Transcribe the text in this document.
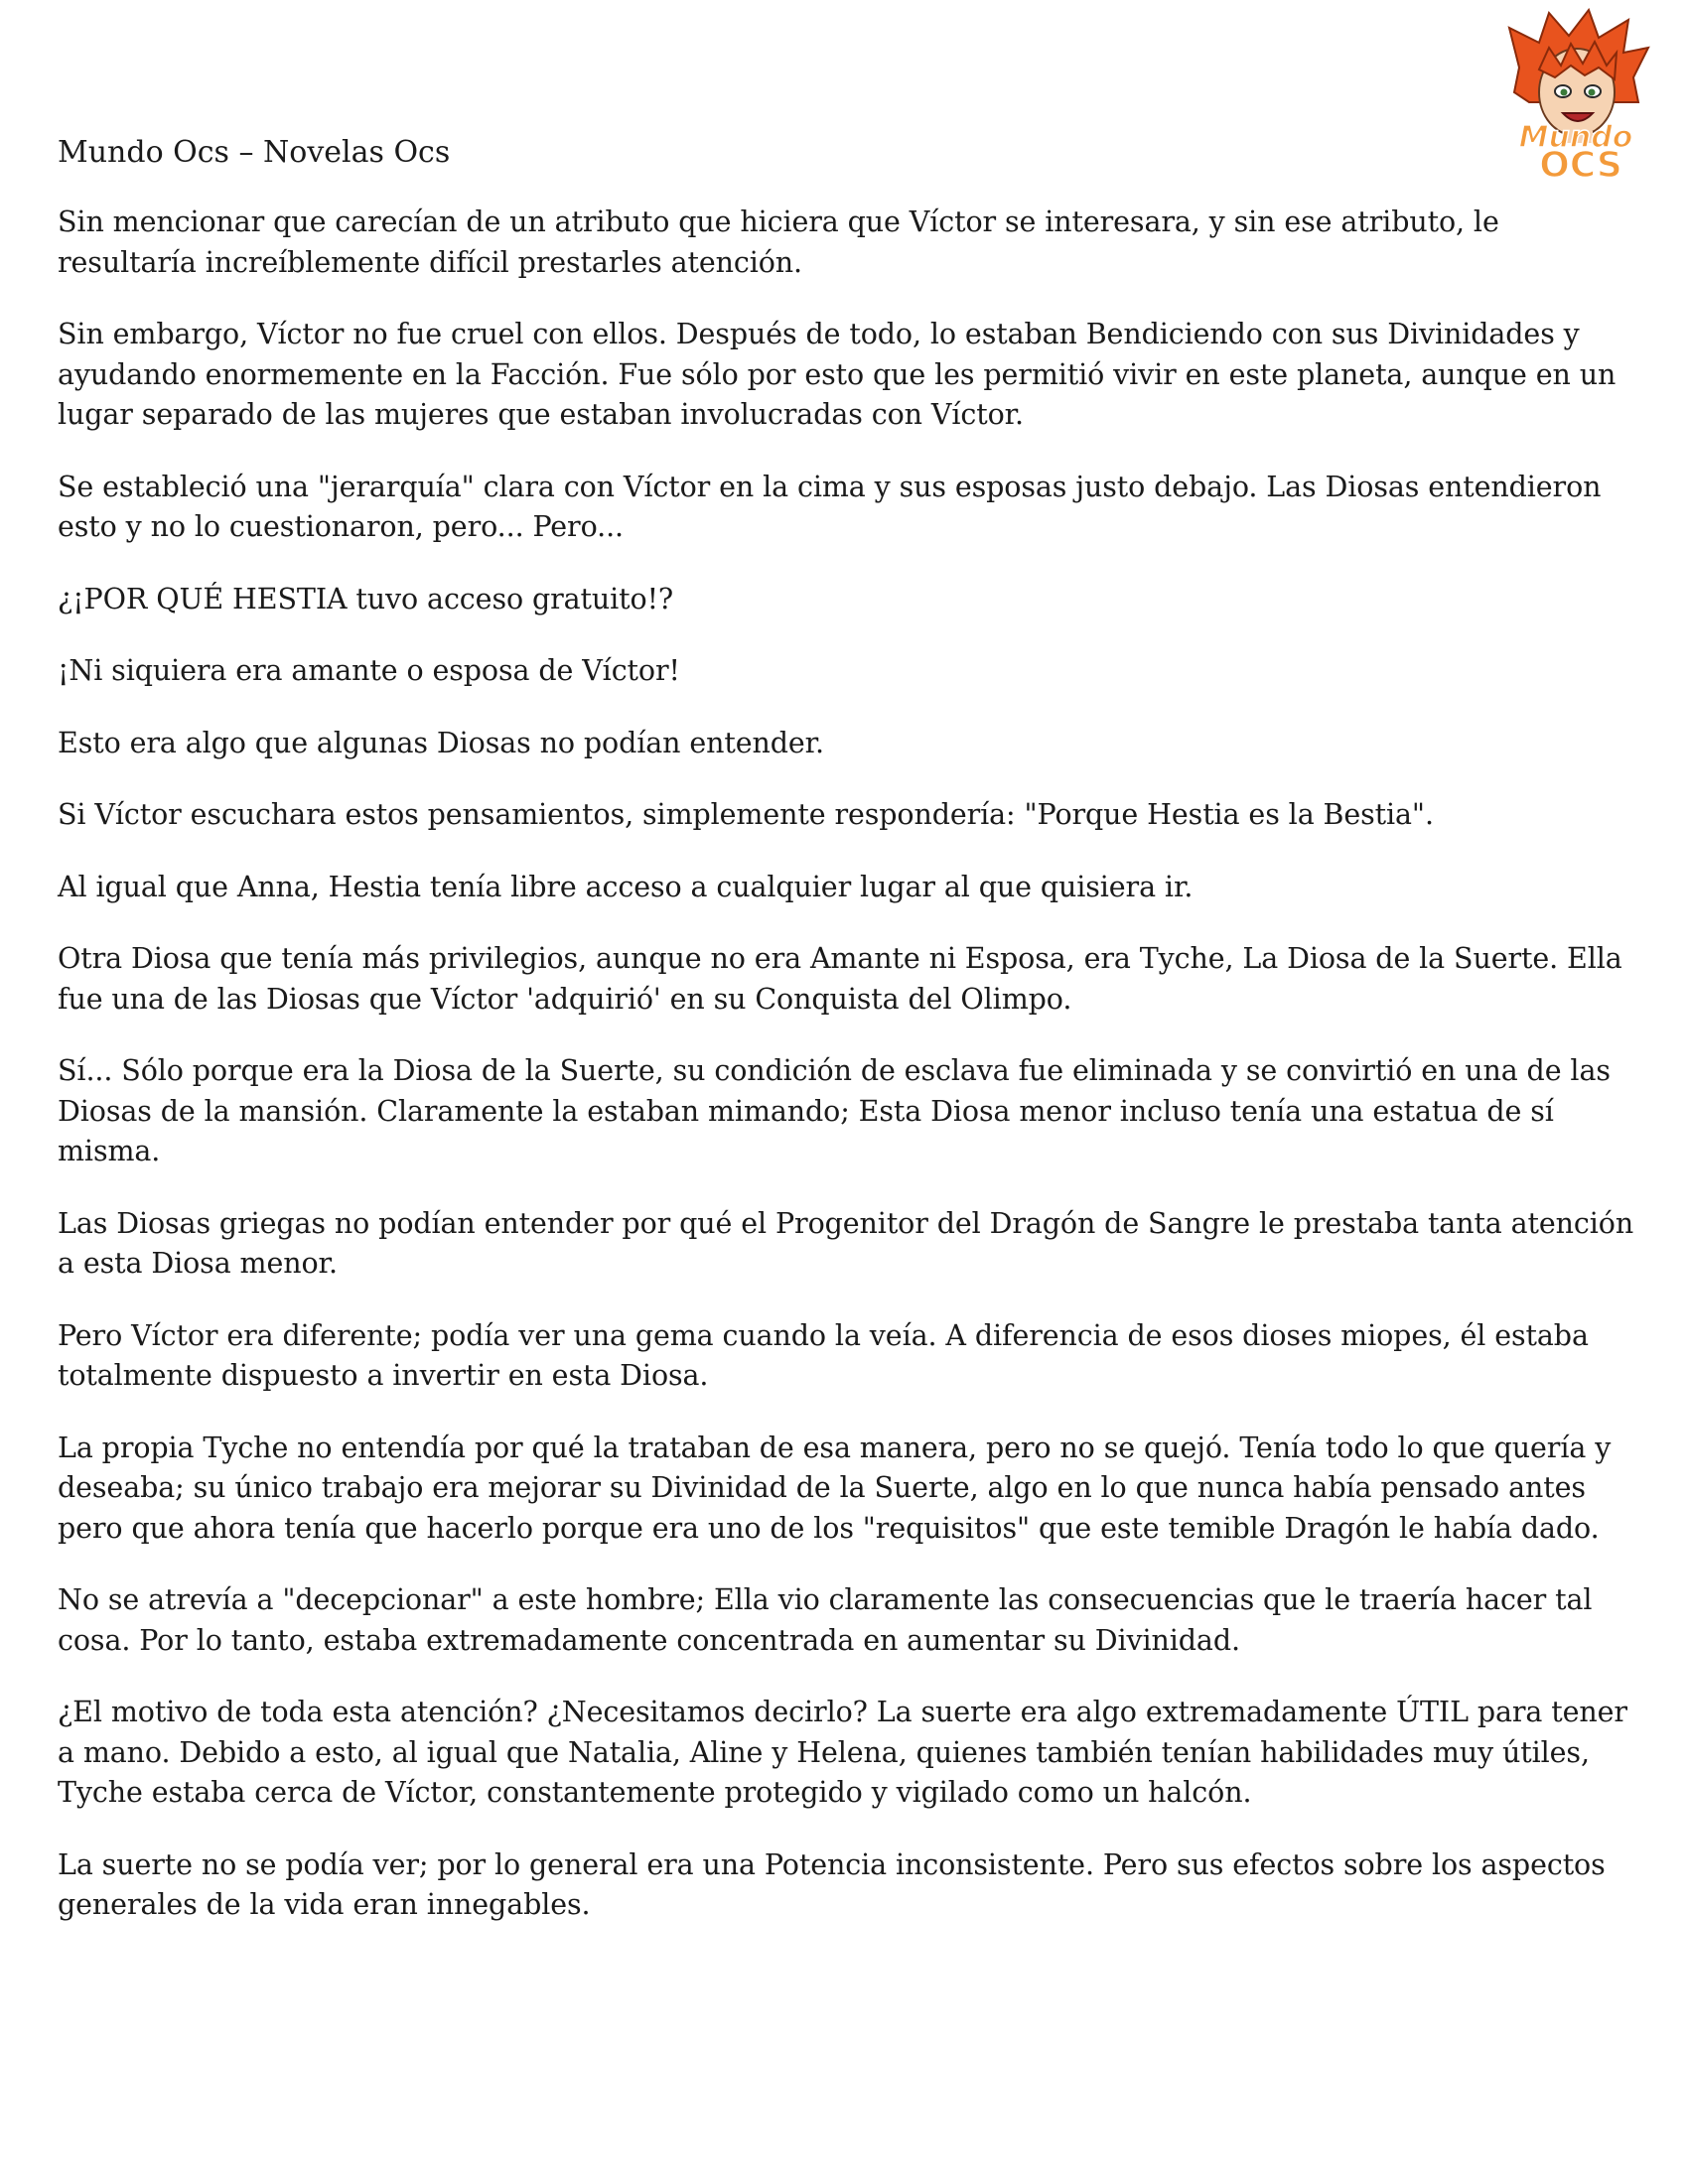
Mundo
OCS
Mundo Ocs – Novelas Ocs

Sin mencionar que carecían de un atributo que hiciera que Víctor se interesara, y sin ese atributo, le resultaría increíblemente difícil prestarles atención.

Sin embargo, Víctor no fue cruel con ellos. Después de todo, lo estaban Bendiciendo con sus Divinidades y ayudando enormemente en la Facción. Fue sólo por esto que les permitió vivir en este planeta, aunque en un lugar separado de las mujeres que estaban involucradas con Víctor.

Se estableció una "jerarquía" clara con Víctor en la cima y sus esposas justo debajo. Las Diosas entendieron esto y no lo cuestionaron, pero... Pero...

¿¡POR QUÉ HESTIA tuvo acceso gratuito!?

¡Ni siquiera era amante o esposa de Víctor!

Esto era algo que algunas Diosas no podían entender.

Si Víctor escuchara estos pensamientos, simplemente respondería: "Porque Hestia es la Bestia".

Al igual que Anna, Hestia tenía libre acceso a cualquier lugar al que quisiera ir.

Otra Diosa que tenía más privilegios, aunque no era Amante ni Esposa, era Tyche, La Diosa de la Suerte. Ella fue una de las Diosas que Víctor 'adquirió' en su Conquista del Olimpo.

Sí... Sólo porque era la Diosa de la Suerte, su condición de esclava fue eliminada y se convirtió en una de las Diosas de la mansión. Claramente la estaban mimando; Esta Diosa menor incluso tenía una estatua de sí misma.

Las Diosas griegas no podían entender por qué el Progenitor del Dragón de Sangre le prestaba tanta atención a esta Diosa menor.

Pero Víctor era diferente; podía ver una gema cuando la veía. A diferencia de esos dioses miopes, él estaba totalmente dispuesto a invertir en esta Diosa.

La propia Tyche no entendía por qué la trataban de esa manera, pero no se quejó. Tenía todo lo que quería y deseaba; su único trabajo era mejorar su Divinidad de la Suerte, algo en lo que nunca había pensado antes pero que ahora tenía que hacerlo porque era uno de los "requisitos" que este temible Dragón le había dado.

No se atrevía a "decepcionar" a este hombre; Ella vio claramente las consecuencias que le traería hacer tal cosa. Por lo tanto, estaba extremadamente concentrada en aumentar su Divinidad.

¿El motivo de toda esta atención? ¿Necesitamos decirlo? La suerte era algo extremadamente ÚTIL para tener a mano. Debido a esto, al igual que Natalia, Aline y Helena, quienes también tenían habilidades muy útiles, Tyche estaba cerca de Víctor, constantemente protegido y vigilado como un halcón.

La suerte no se podía ver; por lo general era una Potencia inconsistente. Pero sus efectos sobre los aspectos generales de la vida eran innegables.
